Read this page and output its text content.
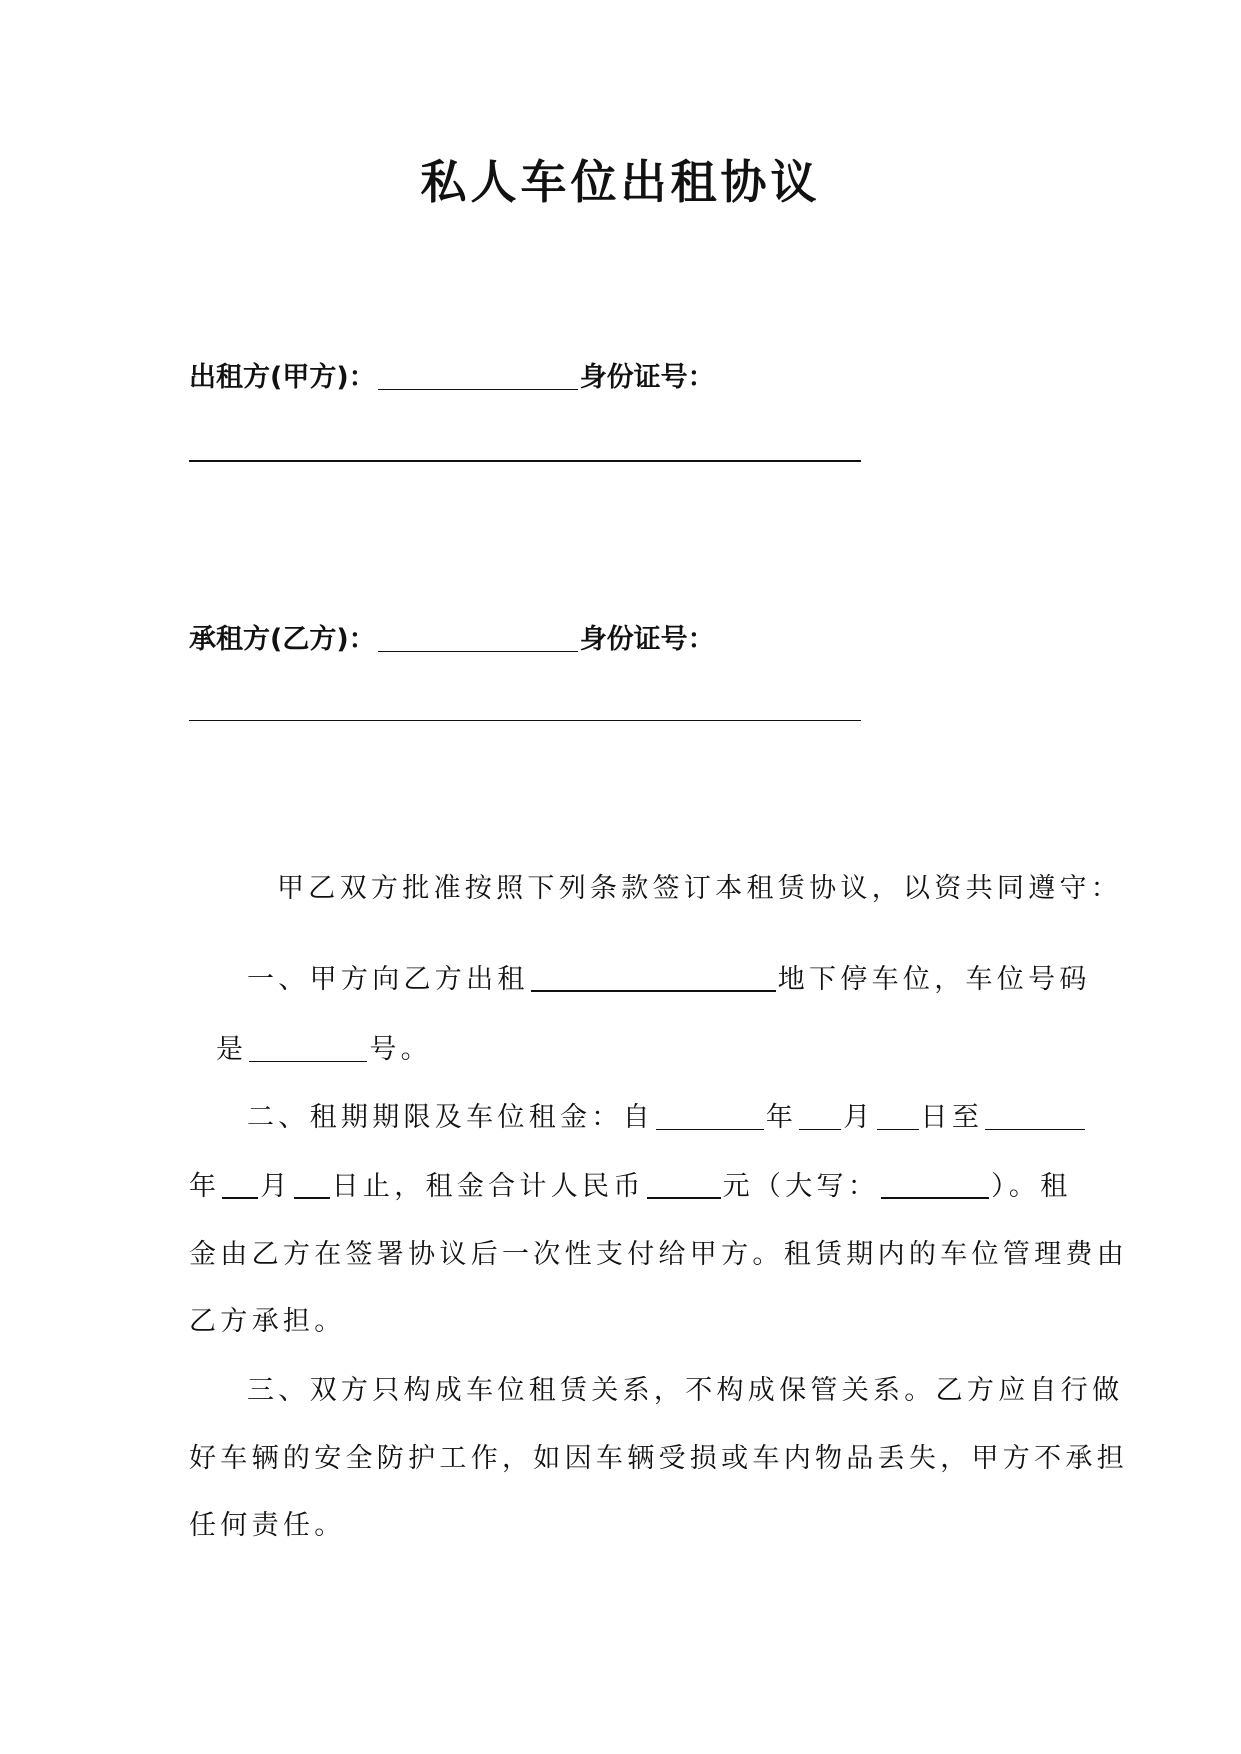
私人车位出租协议
出租方(甲方)：	身份证号：
承租方(乙方)：	身份证号：
甲乙双方批准按照下列条款签订本租赁协议，以资共同遵守：
一、甲方向乙方出租	地下停车位，车位号码
是	号。
二、租期期限及车位租金：自	年 月 日至
年 月 日止，租金合计人民币	元（大写：	）。租
金由乙方在签署协议后一次性支付给甲方。租赁期内的车位管理费由
乙方承担。
三、双方只构成车位租赁关系，不构成保管关系。乙方应自行做
好车辆的安全防护工作，如因车辆受损或车内物品丢失，甲方不承担
任何责任。
